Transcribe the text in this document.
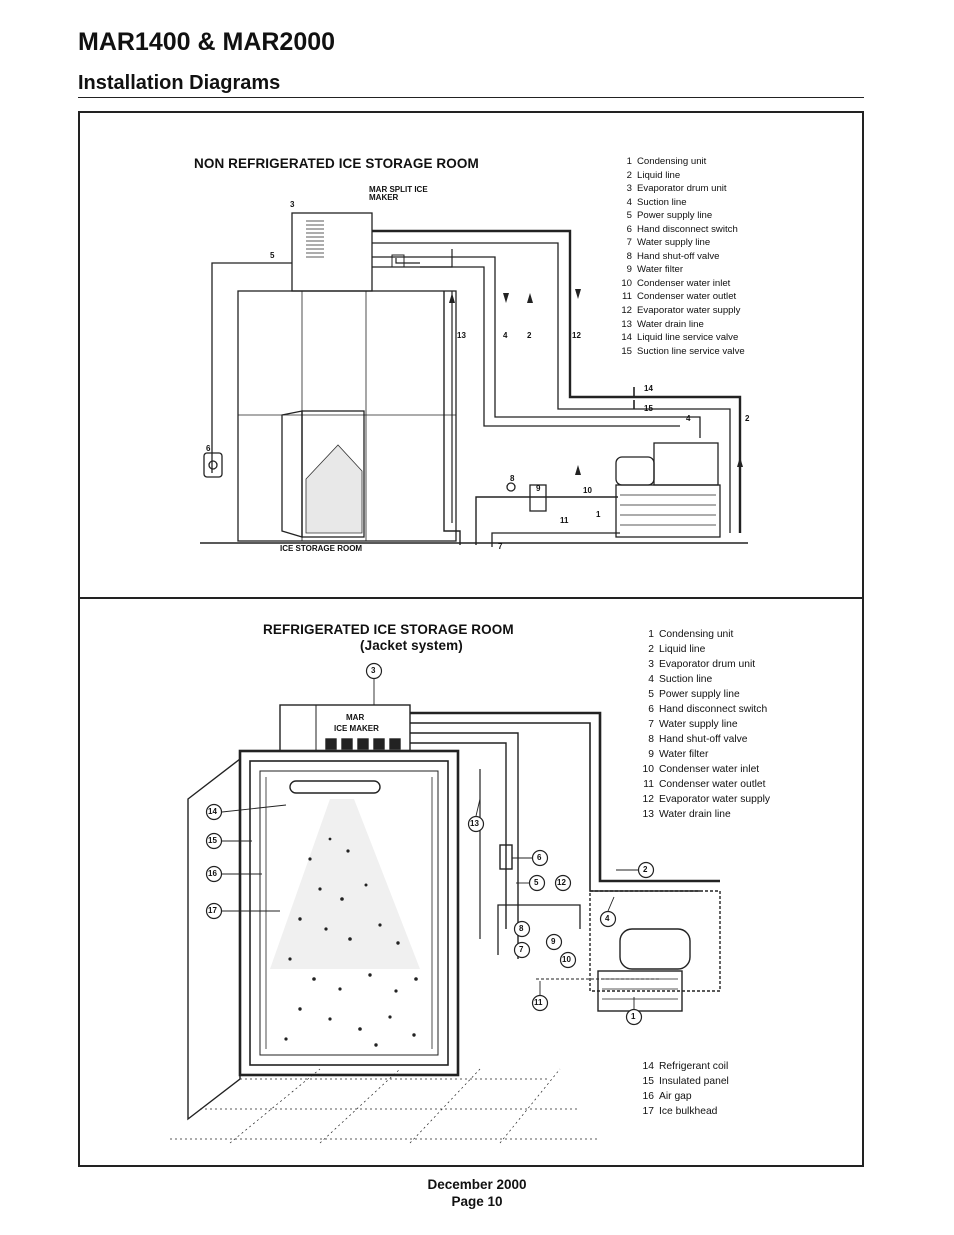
MAR1400 & MAR2000
Installation Diagrams
NON REFRIGERATED ICE STORAGE ROOM
MAR SPLIT ICE MAKER
ICE STORAGE ROOM
3
5
6
13	4 2	12
14
15
4	2
8
9	10
1
11
7
1 Condensing unit
2 Liquid line
3 Evaporator drum unit
4 Suction line
5 Power supply line
6 Hand disconnect switch
7 Water supply line
8 Hand shut-off valve
9 Water filter
10 Condenser water inlet
11 Condenser water outlet
12 Evaporator water supply
13 Water drain line
14 Liquid line service valve
15 Suction line service valve
REFRIGERATED ICE STORAGE ROOM
(Jacket system)
MAR
ICE MAKER
3
14
15
16
17
13
6
5 12
2
8
9
7
4
10
11
1
1 Condensing unit
2 Liquid line
3 Evaporator drum unit
4 Suction line
5 Power supply line
6 Hand disconnect switch
7 Water supply line
8 Hand shut-off valve
9 Water filter
10 Condenser water inlet
11 Condenser water outlet
12 Evaporator water supply
13 Water drain line
14 Refrigerant coil
15 Insulated panel
16 Air gap
17 Ice bulkhead
December 2000
Page 10
